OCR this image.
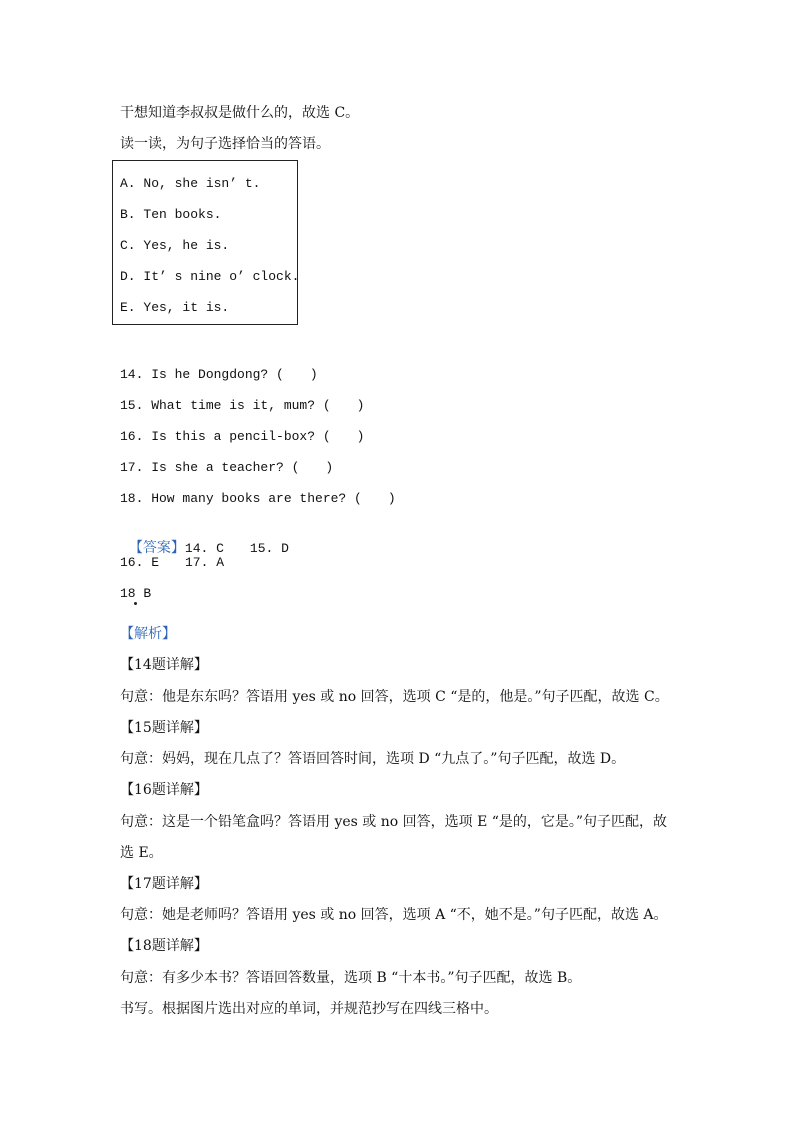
干想知道李叔叔是做什么的，故选 C。
读一读，为句子选择恰当的答语。
A. No, she isn’ t.
B. Ten books.
C. Yes, he is.
D. It’ s nine o’ clock.
E. Yes, it is.
14. Is he Dongdong? (　　)
15. What time is it, mum? (　　)
16. Is this a pencil-box? (　　)
17. Is she a teacher? (　　)
18. How many books are there? (　　)

【答案】14. C　　15. D

16. E　　17. A
18 B
【解析】
【14题详解】
句意：他是东东吗？答语用 yes 或 no 回答，选项 C “是的，他是。”句子匹配，故选 C。
【15题详解】
句意：妈妈，现在几点了？答语回答时间，选项 D “九点了。”句子匹配，故选 D。
【16题详解】
句意：这是一个铅笔盒吗？答语用 yes 或 no 回答，选项 E “是的，它是。”句子匹配，故
选 E。
【17题详解】
句意：她是老师吗？答语用 yes 或 no 回答，选项 A “不，她不是。”句子匹配，故选 A。
【18题详解】
句意：有多少本书？答语回答数量，选项 B “十本书。”句子匹配，故选 B。
书写。根据图片选出对应的单词，并规范抄写在四线三格中。
